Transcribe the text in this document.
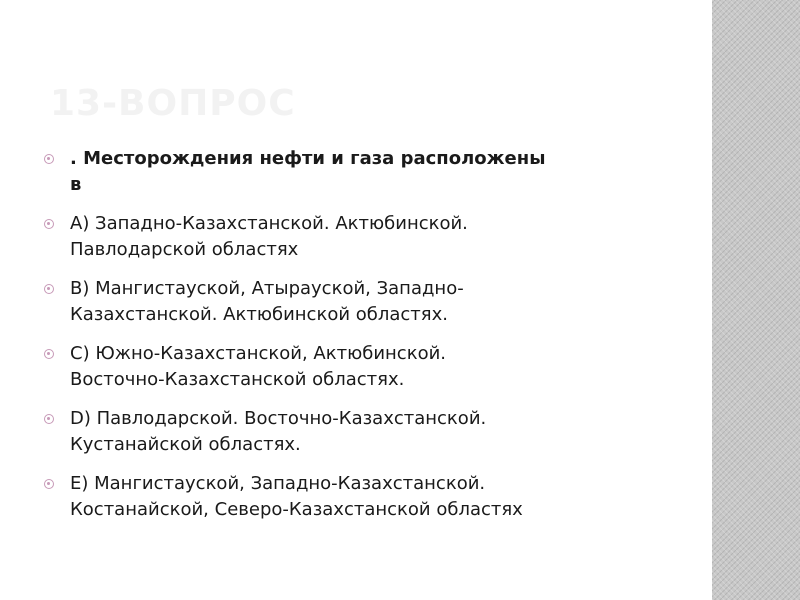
13-ВОПРОС
. Месторождения нефти и газа расположены
в
А) Западно-Казахстанской. Актюбинской.
Павлодарской областях
В) Мангистауской, Атырауской, Западно-
Казахстанской. Актюбинской областях.
С) Южно-Казахстанской, Актюбинской.
Восточно-Казахстанской областях.
D) Павлодарской. Восточно-Казахстанской.
Кустанайской областях.
E) Мангистауской, Западно-Казахстанской.
Костанайской, Северо-Казахстанской областях
